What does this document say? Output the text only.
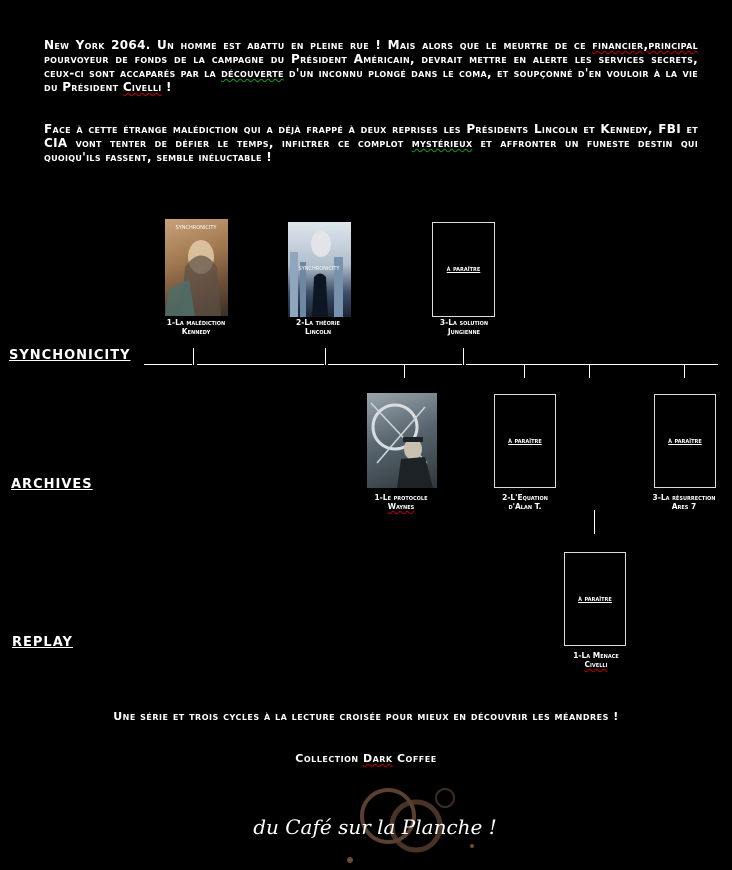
New York 2064. Un homme est abattu en pleine rue ! Mais alors que le meurtre de ce financier,principal pourvoyeur de fonds de la campagne du Président Américain, devrait mettre en alerte les services secrets, ceux-ci sont accaparés par la découverte d'un inconnu plongé dans le coma, et soupçonné d'en vouloir à la vie du Président Civelli !
Face à cette étrange malédiction qui a déjà frappé à deux reprises les Présidents Lincoln et Kennedy, FBI et CIA vont tenter de défier le temps, infiltrer ce complot mystérieux et affronter un funeste destin qui quoiqu'ils fassent, semble inéluctable !
SYNCHRONICITY
SYNCHRONICITY	à paraître
1-La malédiction
Kennedy
2-La théorie
Lincoln
3-La solution
Jungienne
SYNCHONICITY
à paraître	à paraître
1-Le protocole
Waynes
2-L'Equation
d'Alan T.
3-La résurrection
Ares 7
ARCHIVES
à paraître
1-La Menace
Civelli
REPLAY
Une série et trois cycles à la lecture croisée pour mieux en découvrir les méandres !
Collection Dark Coffee
du Café sur la Planche !
